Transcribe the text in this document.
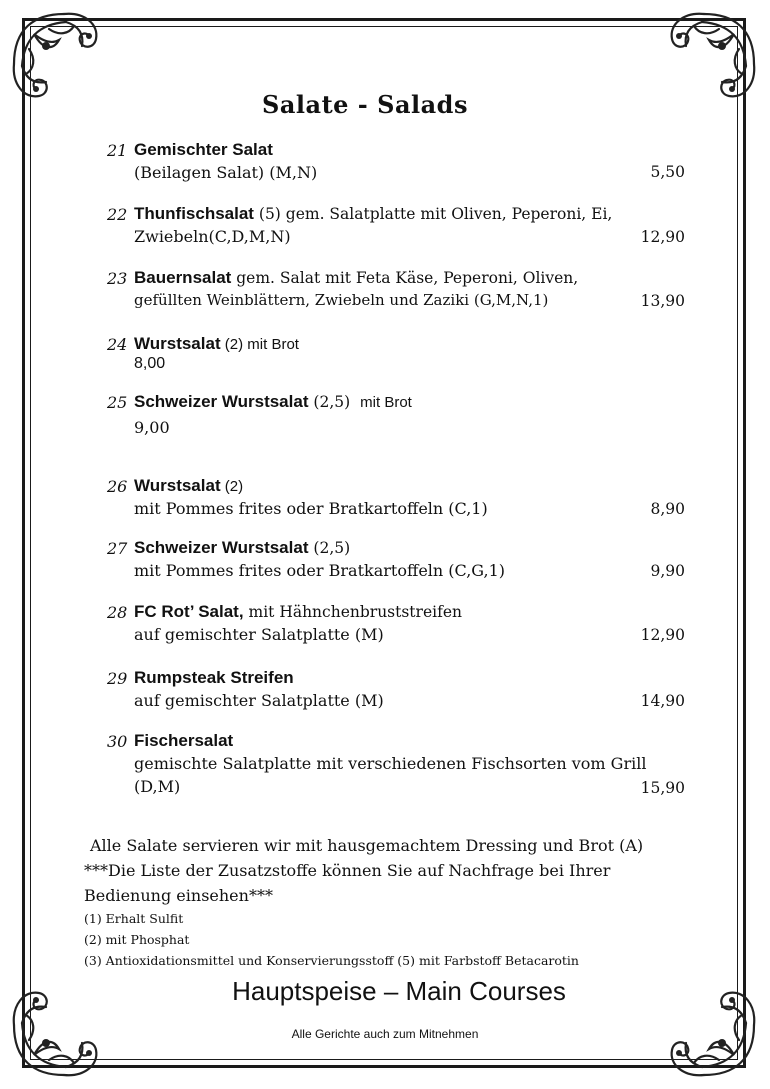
Salate - Salads
21 Gemischter Salat
(Beilagen Salat) (M,N)	5,50
22 Thunfischsalat (5) gem. Salatplatte mit Oliven, Peperoni, Ei,
Zwiebeln(C,D,M,N)	12,90
23 Bauernsalat gem. Salat mit Feta Käse, Peperoni, Oliven,
gefüllten Weinblättern, Zwiebeln und Zaziki (G,M,N,1)	13,90
24 Wurstsalat (2) mit Brot
8,00
25 Schweizer Wurstsalat (2,5) mit Brot
9,00
26 Wurstsalat (2)
mit Pommes frites oder Bratkartoffeln (C,1)	8,90
27 Schweizer Wurstsalat (2,5)
mit Pommes frites oder Bratkartoffeln (C,G,1)	9,90
28 FC Rot’ Salat, mit Hähnchenbruststreifen
auf gemischter Salatplatte (M)	12,90
29 Rumpsteak Streifen
auf gemischter Salatplatte (M)	14,90
30 Fischersalat
gemischte Salatplatte mit verschiedenen Fischsorten vom Grill
(D,M)	15,90
Alle Salate servieren wir mit hausgemachtem Dressing und Brot (A)
***Die Liste der Zusatzstoffe können Sie auf Nachfrage bei Ihrer
Bedienung einsehen***
(1) Erhalt Sulfit
(2) mit Phosphat
(3) Antioxidationsmittel und Konservierungsstoff (5) mit Farbstoff Betacarotin
Hauptspeise – Main Courses
Alle Gerichte auch zum Mitnehmen
